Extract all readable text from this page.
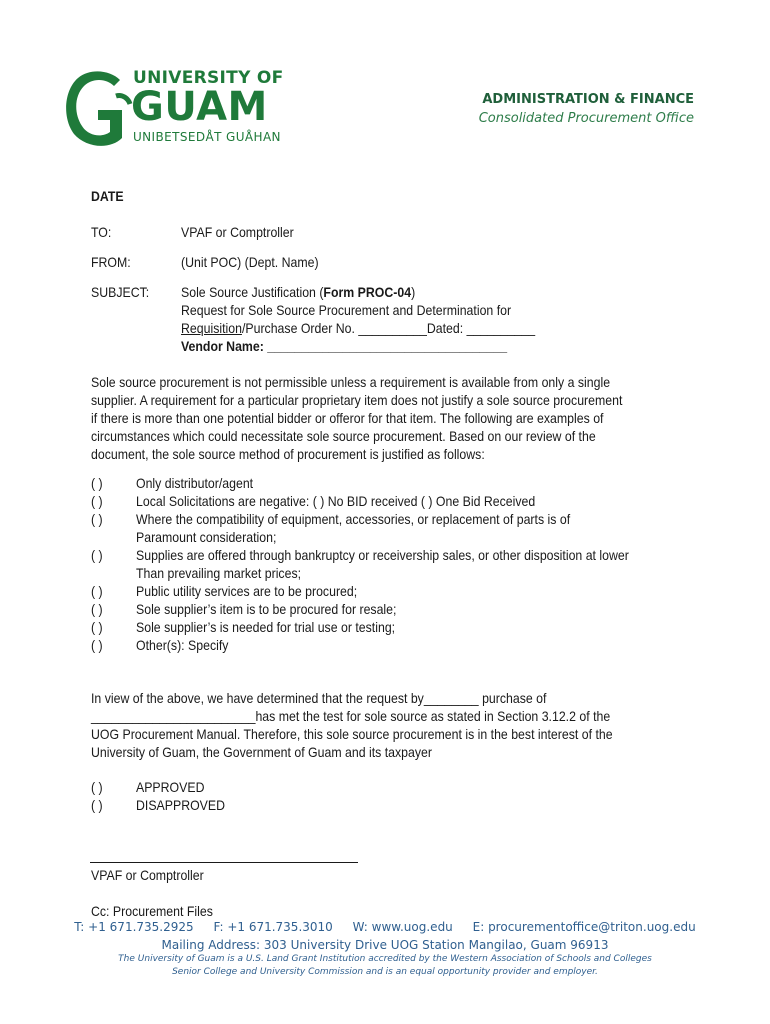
UNIVERSITY OF
GUAM
UNIBETSEDÅT GUÅHAN
ADMINISTRATION & FINANCE
Consolidated Procurement Office
DATE
TO:	VPAF or Comptroller
FROM:	(Unit POC) (Dept. Name)
SUBJECT: Sole Source Justification (Form PROC-04)
Request for Sole Source Procurement and Determination for
Requisition/Purchase Order No. __________Dated: __________
Vendor Name: ___________________________________
Sole source procurement is not permissible unless a requirement is available from only a single
supplier. A requirement for a particular proprietary item does not justify a sole source procurement
if there is more than one potential bidder or offeror for that item. The following are examples of
circumstances which could necessitate sole source procurement. Based on our review of the
document, the sole source method of procurement is justified as follows:
( ) Only distributor/agent
( ) Local Solicitations are negative: ( ) No BID received ( ) One Bid Received
( ) Where the compatibility of equipment, accessories, or replacement of parts is of
Paramount consideration;
( ) Supplies are offered through bankruptcy or receivership sales, or other disposition at lower
Than prevailing market prices;
( ) Public utility services are to be procured;
( ) Sole supplier’s item is to be procured for resale;
( ) Sole supplier’s is needed for trial use or testing;
( ) Other(s): Specify
In view of the above, we have determined that the request by________ purchase of
________________________has met the test for sole source as stated in Section 3.12.2 of the
UOG Procurement Manual. Therefore, this sole source procurement is in the best interest of the
University of Guam, the Government of Guam and its taxpayer
( ) APPROVED
( ) DISAPPROVED
VPAF or Comptroller
Cc: Procurement Files
T: +1 671.735.2925 F: +1 671.735.3010 W: www.uog.edu E: procurementoffice@triton.uog.edu
Mailing Address: 303 University Drive UOG Station Mangilao, Guam 96913
The University of Guam is a U.S. Land Grant Institution accredited by the Western Association of Schools and Colleges
Senior College and University Commission and is an equal opportunity provider and employer.
